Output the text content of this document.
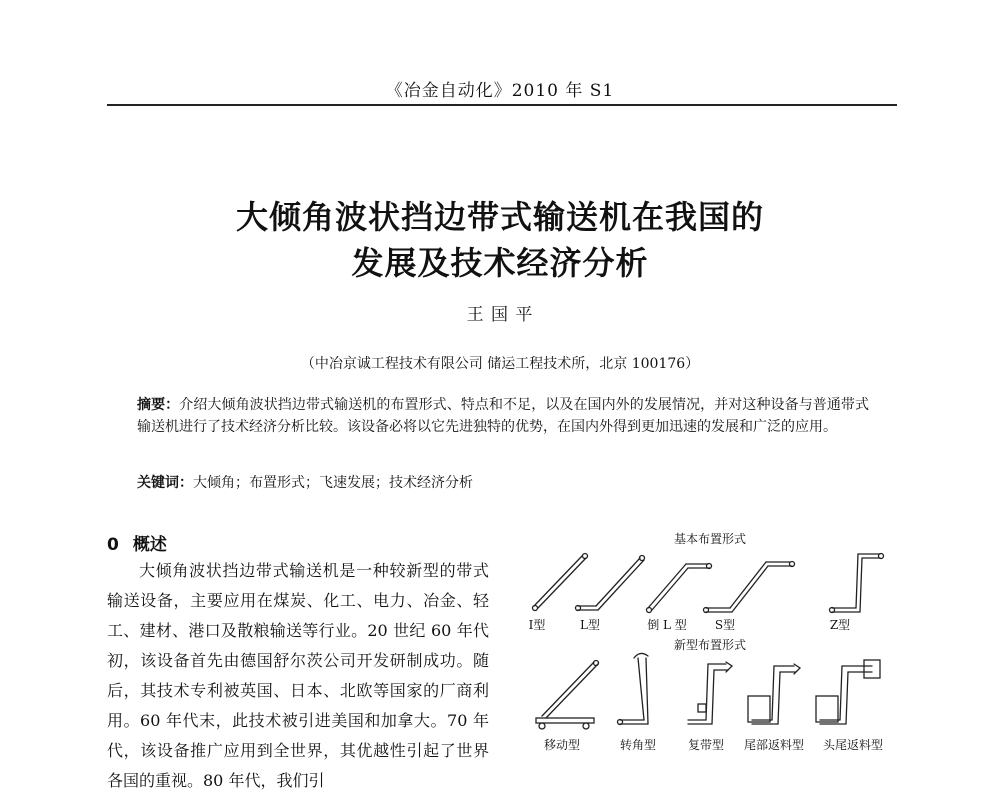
《冶金自动化》2010 年 S1
大倾角波状挡边带式输送机在我国的
发展及技术经济分析
王 国 平
（中冶京诚工程技术有限公司 储运工程技术所，北京 100176）
摘要：介绍大倾角波状挡边带式输送机的布置形式、特点和不足，以及在国内外的发展情况，并对这种设备与普通带式输送机进行了技术经济分析比较。该设备必将以它先进独特的优势，在国内外得到更加迅速的发展和广泛的应用。
关键词：大倾角；布置形式；飞速发展；技术经济分析
0 概述

大倾角波状挡边带式输送机是一种较新型的带式输送设备，主要应用在煤炭、化工、电力、冶金、轻工、建材、港口及散粮输送等行业。20 世纪 60 年代初，该设备首先由德国舒尔茨公司开发研制成功。随后，其技术专利被英国、日本、北欧等国家的厂商利用。60 年代末，此技术被引进美国和加拿大。70 年代，该设备推广应用到全世界，其优越性引起了世界各国的重视。80 年代，我们引

基本布置形式
I型	L型	倒 L 型	S型	Z型
新型布置形式
移动型	转角型	复带型	尾部返料型	头尾返料型
